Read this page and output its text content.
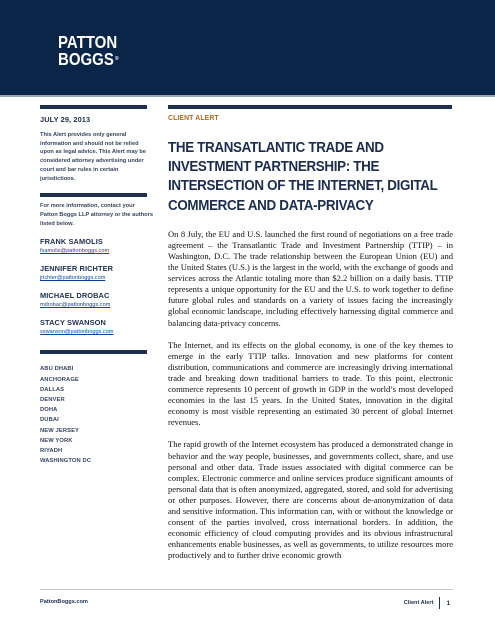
PATTON
BOGGS®
JULY 29, 2013
This Alert provides only general information and should not be relied upon as legal advice. This Alert may be considered attorney advertising under court and bar rules in certain jurisdictions.
For more information, contact your Patton Boggs LLP attorney or the authors listed below.
FRANK SAMOLIS
fsamolis@pattonboggs.com
JENNIFER RICHTER
jrichter@pattonboggs.com
MICHAEL DROBAC
mdrobac@pattonboggs.com
STACY SWANSON
sswanson@pattonboggs.com
ABU DHABI
ANCHORAGE
DALLAS
DENVER
DOHA
DUBAI
NEW JERSEY
NEW YORK
RIYADH
WASHINGTON DC
CLIENT ALERT
THE TRANSATLANTIC TRADE AND INVESTMENT PARTNERSHIP: THE INTERSECTION OF THE INTERNET, DIGITAL COMMERCE AND DATA-PRIVACY

On 8 July, the EU and U.S. launched the first round of negotiations on a free trade agreement – the Transatlantic Trade and Investment Partnership (TTIP) – in Washington, D.C. The trade relationship between the European Union (EU) and the United States (U.S.) is the largest in the world, with the exchange of goods and services across the Atlantic totaling more than $2.2 billion on a daily basis. TTIP represents a unique opportunity for the EU and the U.S. to work together to define future global rules and standards on a variety of issues facing the increasingly global economic landscape, including effectively harnessing digital commerce and balancing data-privacy concerns.

The Internet, and its effects on the global economy, is one of the key themes to emerge in the early TTIP talks. Innovation and new platforms for content distribution, communications and commerce are increasingly driving international trade and breaking down traditional barriers to trade. To this point, electronic commerce represents 10 percent of growth in GDP in the world’s most developed economies in the last 15 years. In the United States, innovation in the digital economy is most visible representing an estimated 30 percent of global Internet revenues.

The rapid growth of the Internet ecosystem has produced a demonstrated change in behavior and the way people, businesses, and governments collect, share, and use personal and other data. Trade issues associated with digital commerce can be complex. Electronic commerce and online services produce significant amounts of personal data that is often anonymized, aggregated, stored, and sold for advertising or other purposes. However, there are concerns about de-anonymization of data and sensitive information. This information can, with or without the knowledge or consent of the parties involved, cross international borders. In addition, the economic efficiency of cloud computing provides and its obvious infrastructural enhancements enable businesses, as well as governments, to utilize resources more productively and to further drive economic growth

PattonBoggs.com	Client Alert 1
